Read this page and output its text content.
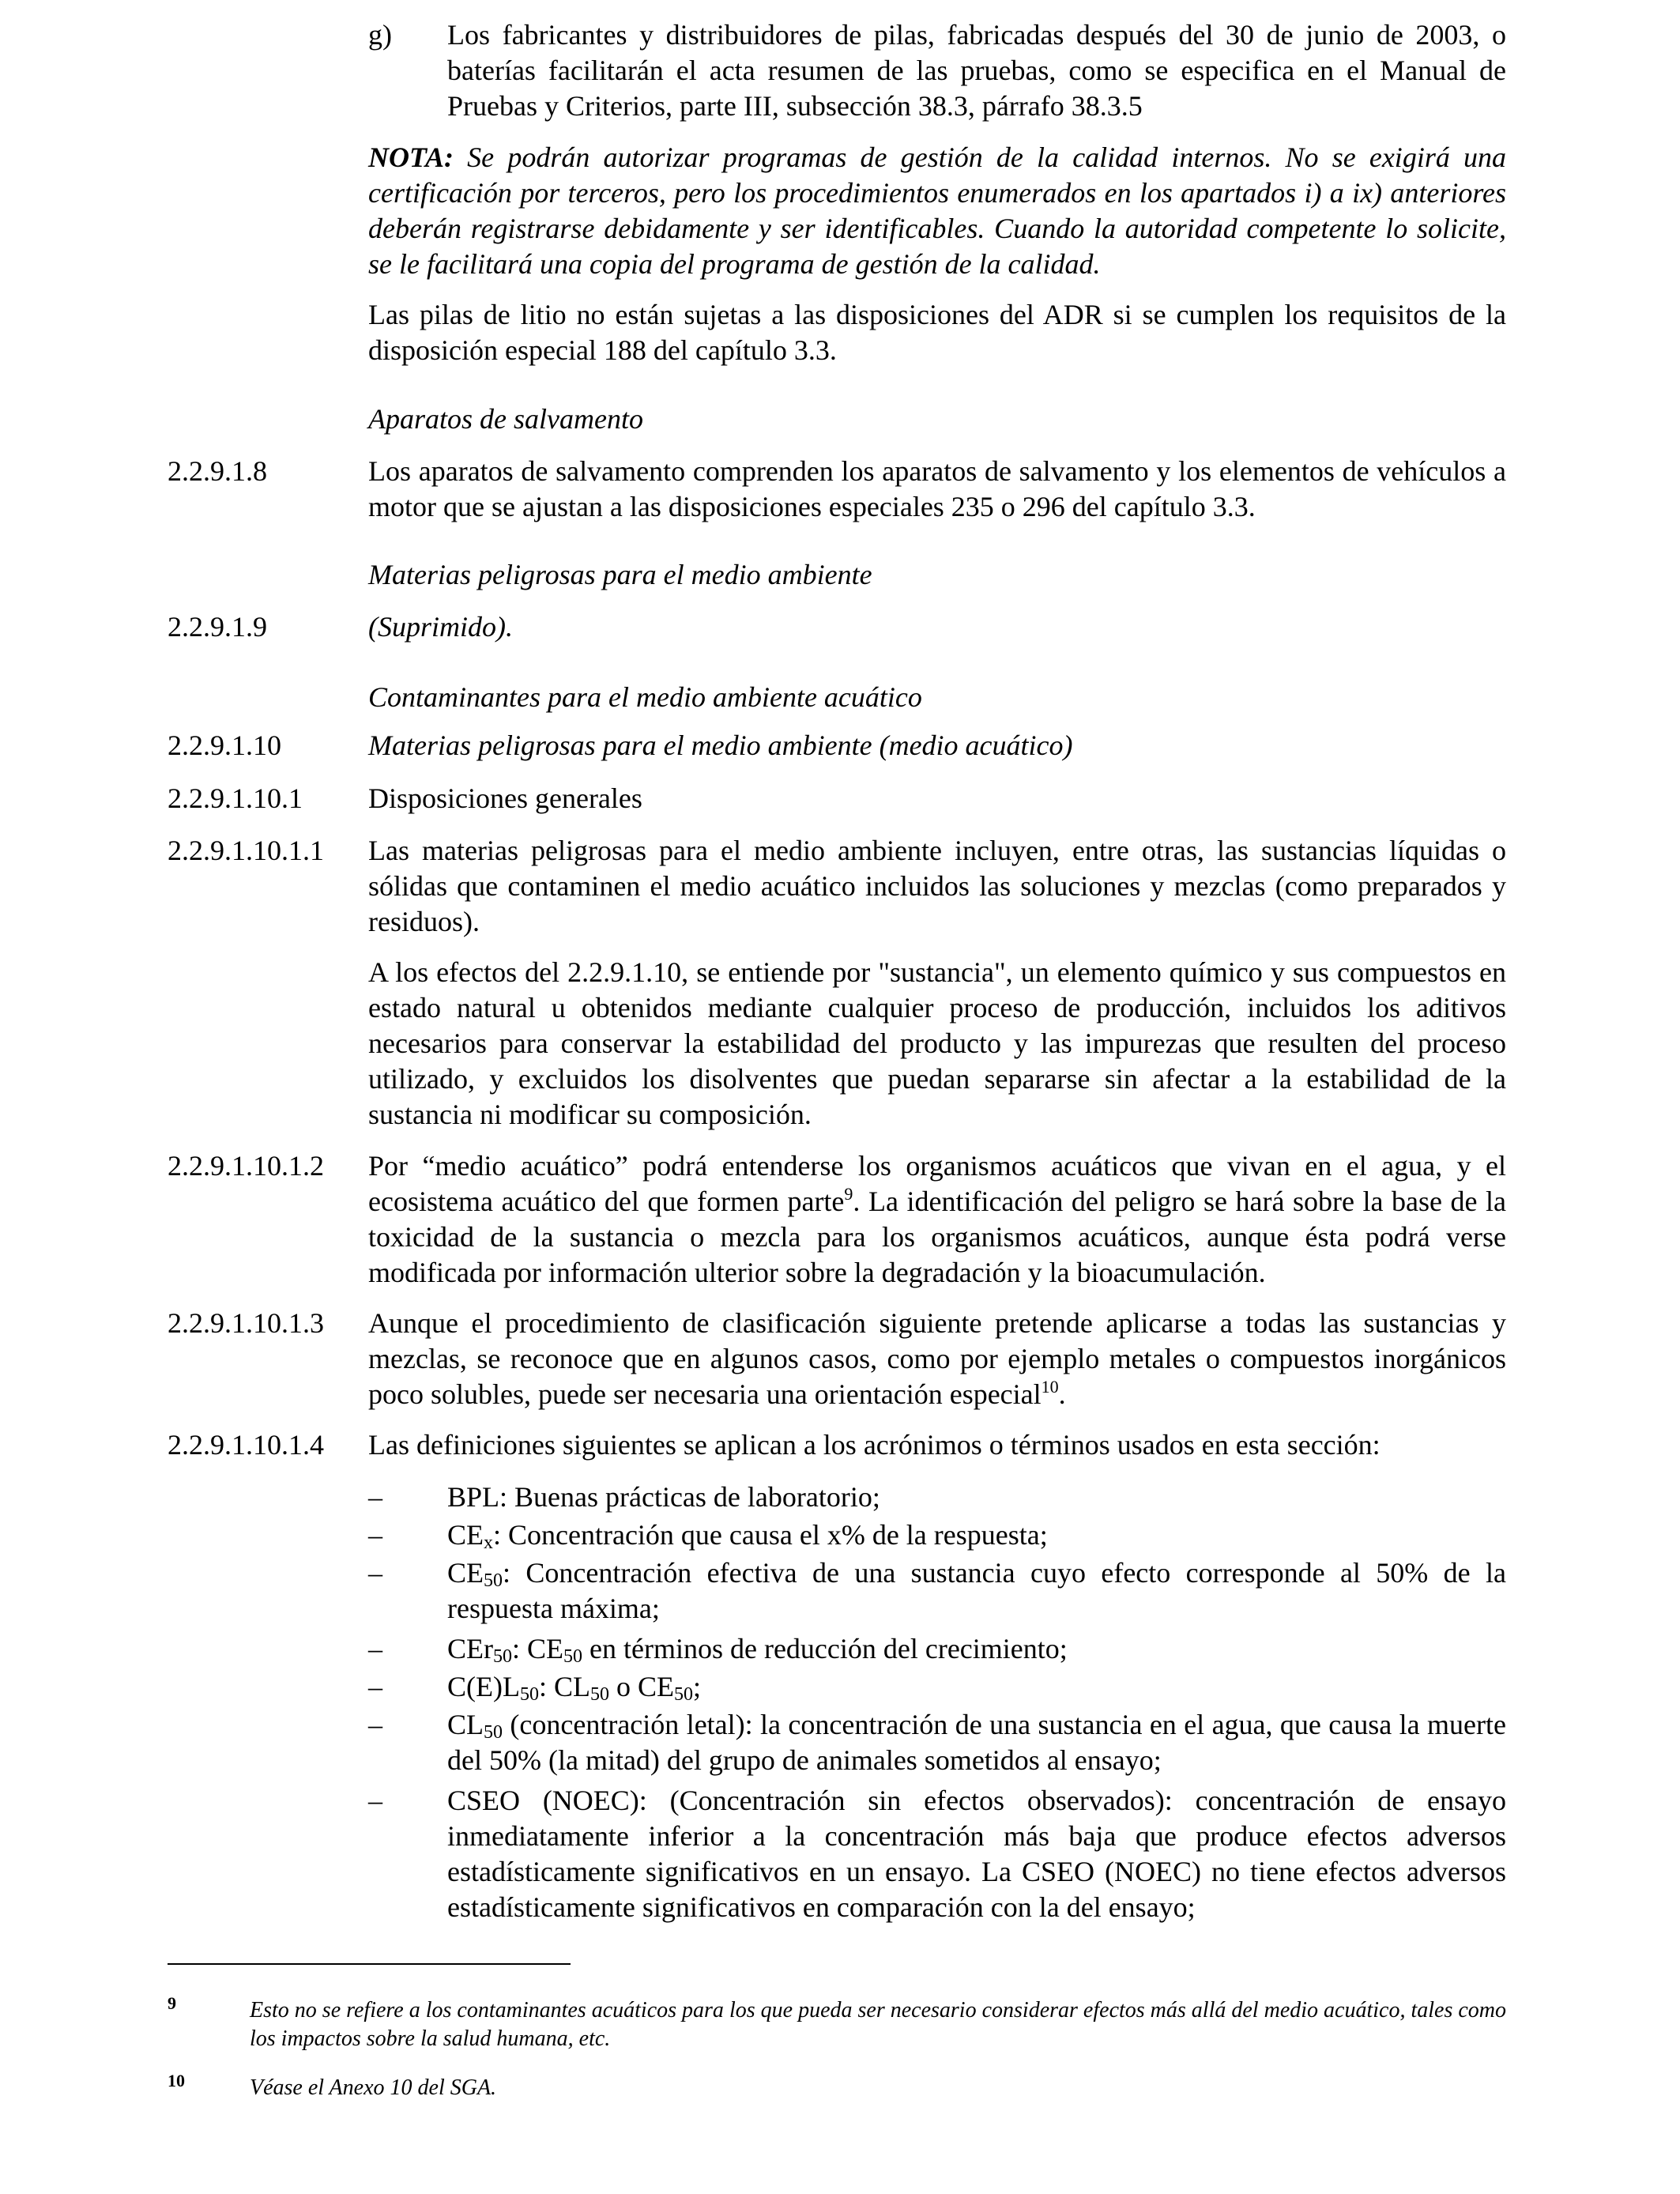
g) Los fabricantes y distribuidores de pilas, fabricadas después del 30 de junio de 2003, o baterías facilitarán el acta resumen de las pruebas, como se especifica en el Manual de Pruebas y Criterios, parte III, subsección 38.3, párrafo 38.3.5
NOTA: Se podrán autorizar programas de gestión de la calidad internos. No se exigirá una certificación por terceros, pero los procedimientos enumerados en los apartados i) a ix) anteriores deberán registrarse debidamente y ser identificables. Cuando la autoridad competente lo solicite, se le facilitará una copia del programa de gestión de la calidad.
Las pilas de litio no están sujetas a las disposiciones del ADR si se cumplen los requisitos de la disposición especial 188 del capítulo 3.3.
Aparatos de salvamento
2.2.9.1.8	Los aparatos de salvamento comprenden los aparatos de salvamento y los elementos de vehículos a motor que se ajustan a las disposiciones especiales 235 o 296 del capítulo 3.3.
Materias peligrosas para el medio ambiente
2.2.9.1.9	(Suprimido).
Contaminantes para el medio ambiente acuático
2.2.9.1.10	Materias peligrosas para el medio ambiente (medio acuático)
2.2.9.1.10.1 Disposiciones generales
2.2.9.1.10.1.1 Las materias peligrosas para el medio ambiente incluyen, entre otras, las sustancias líquidas o sólidas que contaminen el medio acuático incluidos las soluciones y mezclas (como preparados y residuos).
A los efectos del 2.2.9.1.10, se entiende por "sustancia", un elemento químico y sus compuestos en estado natural u obtenidos mediante cualquier proceso de producción, incluidos los aditivos necesarios para conservar la estabilidad del producto y las impurezas que resulten del proceso utilizado, y excluidos los disolventes que puedan separarse sin afectar a la estabilidad de la sustancia ni modificar su composición.
2.2.9.1.10.1.2 Por “medio acuático” podrá entenderse los organismos acuáticos que vivan en el agua, y el ecosistema acuático del que formen parte$^9$. La identificación del peligro se hará sobre la base de la toxicidad de la sustancia o mezcla para los organismos acuáticos, aunque ésta podrá verse modificada por información ulterior sobre la degradación y la bioacumulación.
2.2.9.1.10.1.3 Aunque el procedimiento de clasificación siguiente pretende aplicarse a todas las sustancias y mezclas, se reconoce que en algunos casos, como por ejemplo metales o compuestos inorgánicos poco solubles, puede ser necesaria una orientación especial$^{10}$.
2.2.9.1.10.1.4 Las definiciones siguientes se aplican a los acrónimos o términos usados en esta sección:
– BPL: Buenas prácticas de laboratorio;
– $CE_x$: Concentración que causa el x% de la respuesta;
– $CE_{50}$: Concentración efectiva de una sustancia cuyo efecto corresponde al 50% de la respuesta máxima;
– CEr$_{50}$: $CE_{50}$ en términos de reducción del crecimiento;
– $C(E)L_{50}$: $CL_{50}$ o $CE_{50}$;
– $CL_{50}$ (concentración letal): la concentración de una sustancia en el agua, que causa la muerte del 50% (la mitad) del grupo de animales sometidos al ensayo;
– CSEO (NOEC): (Concentración sin efectos observados): concentración de ensayo inmediatamente inferior a la concentración más baja que produce efectos adversos estadísticamente significativos en un ensayo. La CSEO (NOEC) no tiene efectos adversos estadísticamente significativos en comparación con la del ensayo;
9	Esto no se refiere a los contaminantes acuáticos para los que pueda ser necesario considerar efectos más allá del medio acuático, tales como los impactos sobre la salud humana, etc.
10	Véase el Anexo 10 del SGA.
